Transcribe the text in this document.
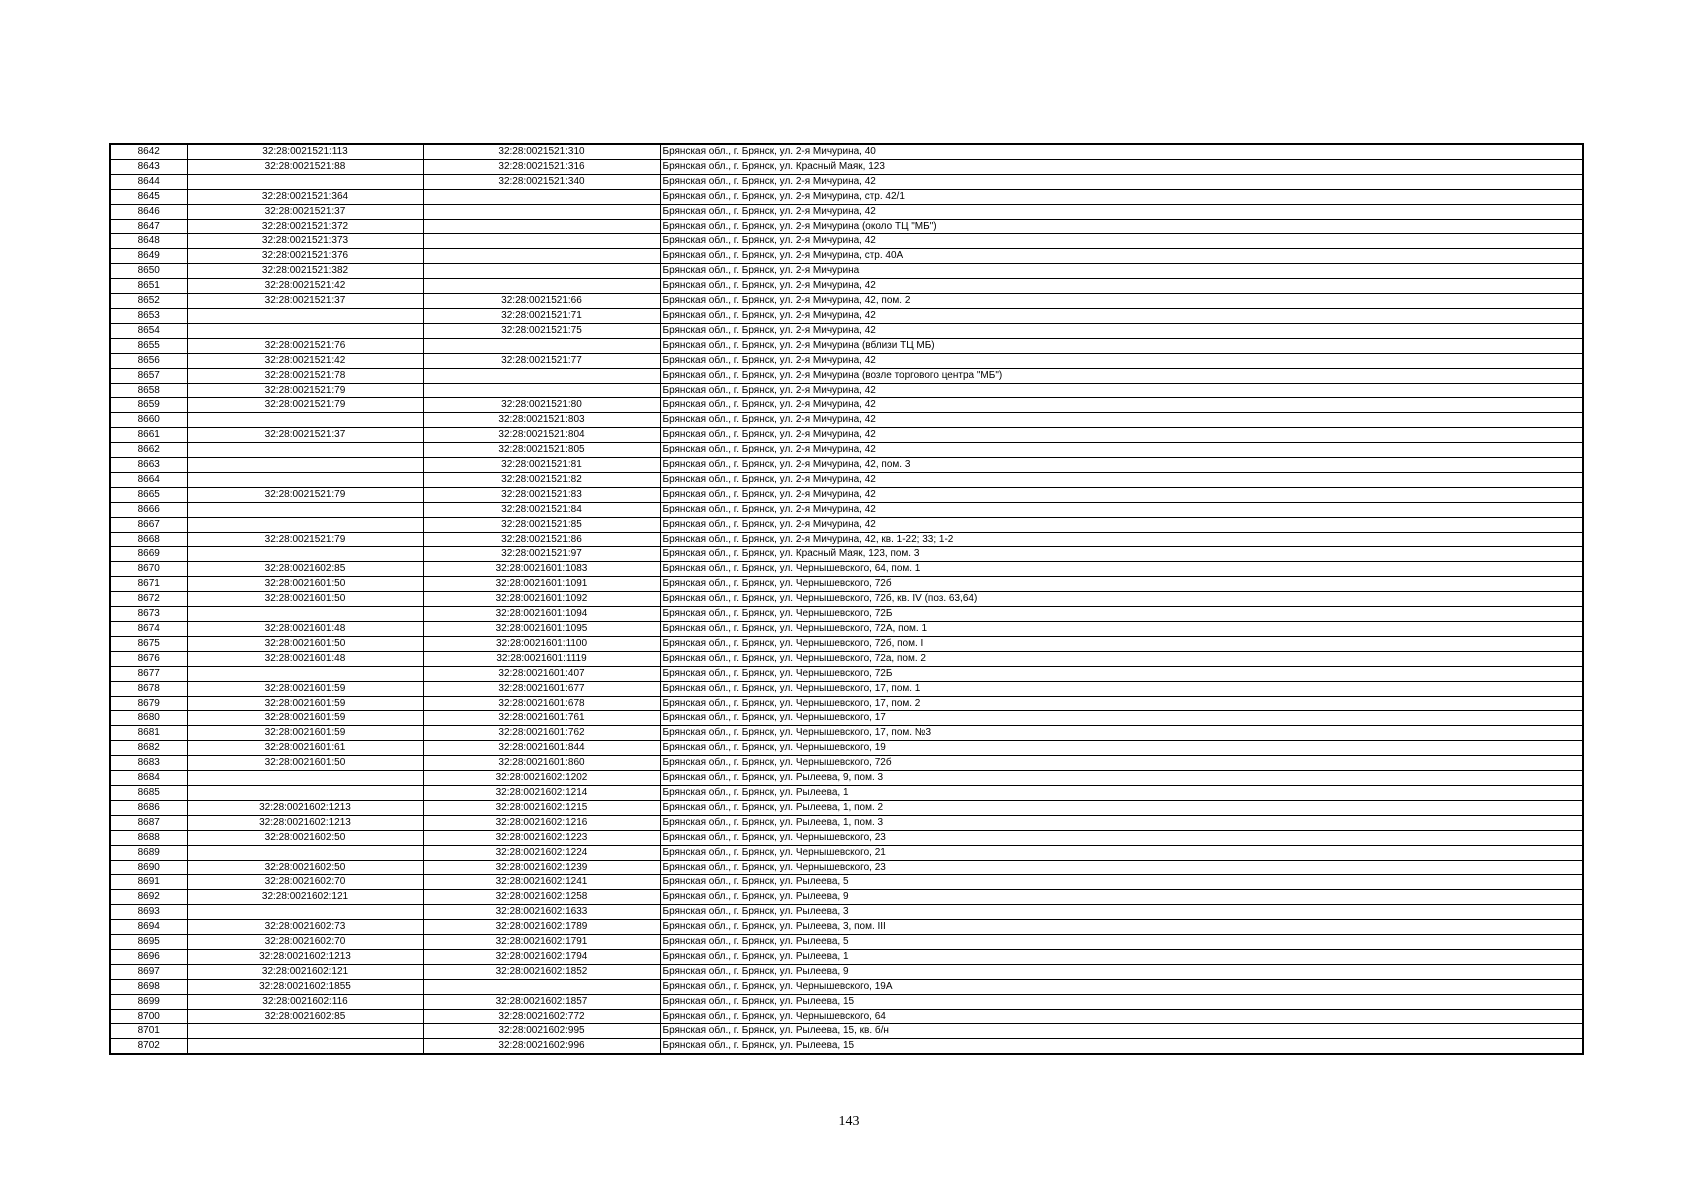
8642	32:28:0021521:113	32:28:0021521:310	Брянская обл., г. Брянск, ул. 2-я Мичурина, 40
8643	32:28:0021521:88	32:28:0021521:316	Брянская обл., г. Брянск, ул. Красный Маяк, 123
8644		32:28:0021521:340	Брянская обл., г. Брянск, ул. 2-я Мичурина, 42
8645	32:28:0021521:364		Брянская обл., г. Брянск, ул. 2-я Мичурина, стр. 42/1
8646	32:28:0021521:37		Брянская обл., г. Брянск, ул. 2-я Мичурина, 42
8647	32:28:0021521:372		Брянская обл., г. Брянск, ул. 2-я Мичурина (около ТЦ "МБ")
8648	32:28:0021521:373		Брянская обл., г. Брянск, ул. 2-я Мичурина, 42
8649	32:28:0021521:376		Брянская обл., г. Брянск, ул. 2-я Мичурина, стр. 40А
8650	32:28:0021521:382		Брянская обл., г. Брянск, ул. 2-я Мичурина
8651	32:28:0021521:42		Брянская обл., г. Брянск, ул. 2-я Мичурина, 42
8652	32:28:0021521:37	32:28:0021521:66	Брянская обл., г. Брянск, ул. 2-я Мичурина, 42, пом. 2
8653		32:28:0021521:71	Брянская обл., г. Брянск, ул. 2-я Мичурина, 42
8654		32:28:0021521:75	Брянская обл., г. Брянск, ул. 2-я Мичурина, 42
8655	32:28:0021521:76		Брянская обл., г. Брянск, ул. 2-я Мичурина (вблизи ТЦ МБ)
8656	32:28:0021521:42	32:28:0021521:77	Брянская обл., г. Брянск, ул. 2-я Мичурина, 42
8657	32:28:0021521:78		Брянская обл., г. Брянск, ул. 2-я Мичурина (возле торгового центра "МБ")
8658	32:28:0021521:79		Брянская обл., г. Брянск, ул. 2-я Мичурина, 42
8659	32:28:0021521:79	32:28:0021521:80	Брянская обл., г. Брянск, ул. 2-я Мичурина, 42
8660		32:28:0021521:803	Брянская обл., г. Брянск, ул. 2-я Мичурина, 42
8661	32:28:0021521:37	32:28:0021521:804	Брянская обл., г. Брянск, ул. 2-я Мичурина, 42
8662		32:28:0021521:805	Брянская обл., г. Брянск, ул. 2-я Мичурина, 42
8663		32:28:0021521:81	Брянская обл., г. Брянск, ул. 2-я Мичурина, 42, пом. 3
8664		32:28:0021521:82	Брянская обл., г. Брянск, ул. 2-я Мичурина, 42
8665	32:28:0021521:79	32:28:0021521:83	Брянская обл., г. Брянск, ул. 2-я Мичурина, 42
8666		32:28:0021521:84	Брянская обл., г. Брянск, ул. 2-я Мичурина, 42
8667		32:28:0021521:85	Брянская обл., г. Брянск, ул. 2-я Мичурина, 42
8668	32:28:0021521:79	32:28:0021521:86	Брянская обл., г. Брянск, ул. 2-я Мичурина, 42, кв. 1-22; 33; 1-2
8669		32:28:0021521:97	Брянская обл., г. Брянск, ул. Красный Маяк, 123, пом. 3
8670	32:28:0021602:85	32:28:0021601:1083	Брянская обл., г. Брянск, ул. Чернышевского, 64, пом. 1
8671	32:28:0021601:50	32:28:0021601:1091	Брянская обл., г. Брянск, ул. Чернышевского, 72б
8672	32:28:0021601:50	32:28:0021601:1092	Брянская обл., г. Брянск, ул. Чернышевского, 72б, кв. IV (поз. 63,64)
8673		32:28:0021601:1094	Брянская обл., г. Брянск, ул. Чернышевского, 72Б
8674	32:28:0021601:48	32:28:0021601:1095	Брянская обл., г. Брянск, ул. Чернышевского, 72А, пом. 1
8675	32:28:0021601:50	32:28:0021601:1100	Брянская обл., г. Брянск, ул. Чернышевского, 72б, пом. I
8676	32:28:0021601:48	32:28:0021601:1119	Брянская обл., г. Брянск, ул. Чернышевского, 72а, пом. 2
8677		32:28:0021601:407	Брянская обл., г. Брянск, ул. Чернышевского, 72Б
8678	32:28:0021601:59	32:28:0021601:677	Брянская обл., г. Брянск, ул. Чернышевского, 17, пом. 1
8679	32:28:0021601:59	32:28:0021601:678	Брянская обл., г. Брянск, ул. Чернышевского, 17, пом. 2
8680	32:28:0021601:59	32:28:0021601:761	Брянская обл., г. Брянск, ул. Чернышевского, 17
8681	32:28:0021601:59	32:28:0021601:762	Брянская обл., г. Брянск, ул. Чернышевского, 17, пом. №3
8682	32:28:0021601:61	32:28:0021601:844	Брянская обл., г. Брянск, ул. Чернышевского, 19
8683	32:28:0021601:50	32:28:0021601:860	Брянская обл., г. Брянск, ул. Чернышевского, 72б
8684		32:28:0021602:1202	Брянская обл., г. Брянск, ул. Рылеева, 9, пом. 3
8685		32:28:0021602:1214	Брянская обл., г. Брянск, ул. Рылеева, 1
8686	32:28:0021602:1213	32:28:0021602:1215	Брянская обл., г. Брянск, ул. Рылеева, 1, пом. 2
8687	32:28:0021602:1213	32:28:0021602:1216	Брянская обл., г. Брянск, ул. Рылеева, 1, пом. 3
8688	32:28:0021602:50	32:28:0021602:1223	Брянская обл., г. Брянск, ул. Чернышевского, 23
8689		32:28:0021602:1224	Брянская обл., г. Брянск, ул. Чернышевского, 21
8690	32:28:0021602:50	32:28:0021602:1239	Брянская обл., г. Брянск, ул. Чернышевского, 23
8691	32:28:0021602:70	32:28:0021602:1241	Брянская обл., г. Брянск, ул. Рылеева, 5
8692	32:28:0021602:121	32:28:0021602:1258	Брянская обл., г. Брянск, ул. Рылеева, 9
8693		32:28:0021602:1633	Брянская обл., г. Брянск, ул. Рылеева, 3
8694	32:28:0021602:73	32:28:0021602:1789	Брянская обл., г. Брянск, ул. Рылеева, 3, пом. III
8695	32:28:0021602:70	32:28:0021602:1791	Брянская обл., г. Брянск, ул. Рылеева, 5
8696	32:28:0021602:1213	32:28:0021602:1794	Брянская обл., г. Брянск, ул. Рылеева, 1
8697	32:28:0021602:121	32:28:0021602:1852	Брянская обл., г. Брянск, ул. Рылеева, 9
8698	32:28:0021602:1855		Брянская обл., г. Брянск, ул. Чернышевского, 19А
8699	32:28:0021602:116	32:28:0021602:1857	Брянская обл., г. Брянск, ул. Рылеева, 15
8700	32:28:0021602:85	32:28:0021602:772	Брянская обл., г. Брянск, ул. Чернышевского, 64
8701		32:28:0021602:995	Брянская обл., г. Брянск, ул. Рылеева, 15, кв. б/н
8702		32:28:0021602:996	Брянская обл., г. Брянск, ул. Рылеева, 15
143
